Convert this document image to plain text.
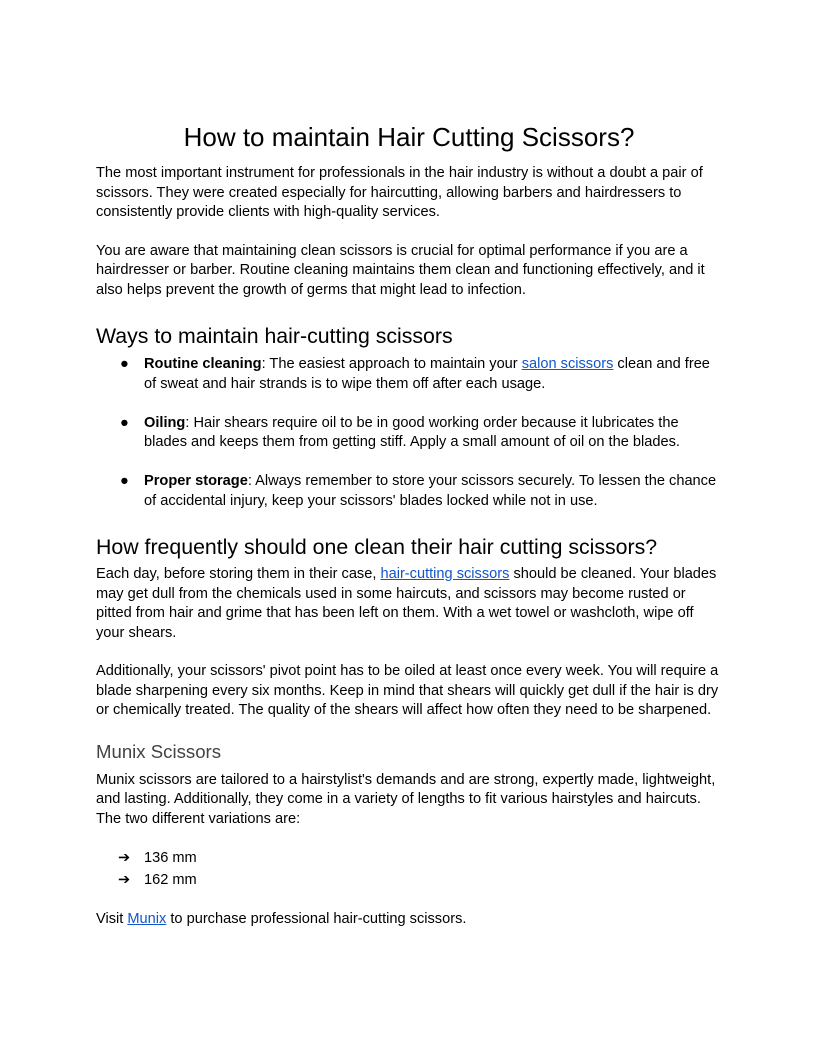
How to maintain Hair Cutting Scissors?

The most important instrument for professionals in the hair industry is without a doubt a pair of scissors. They were created especially for haircutting, allowing barbers and hairdressers to consistently provide clients with high-quality services.

You are aware that maintaining clean scissors is crucial for optimal performance if you are a hairdresser or barber. Routine cleaning maintains them clean and functioning effectively, and it also helps prevent the growth of germs that might lead to infection.

Ways to maintain hair-cutting scissors
● Routine cleaning: The easiest approach to maintain your salon scissors clean and free of sweat and hair strands is to wipe them off after each usage.
● Oiling: Hair shears require oil to be in good working order because it lubricates the blades and keeps them from getting stiff. Apply a small amount of oil on the blades.
● Proper storage: Always remember to store your scissors securely. To lessen the chance of accidental injury, keep your scissors' blades locked while not in use.
How frequently should one clean their hair cutting scissors?

Each day, before storing them in their case, hair-cutting scissors should be cleaned. Your blades may get dull from the chemicals used in some haircuts, and scissors may become rusted or pitted from hair and grime that has been left on them. With a wet towel or washcloth, wipe off your shears.

Additionally, your scissors' pivot point has to be oiled at least once every week. You will require a blade sharpening every six months. Keep in mind that shears will quickly get dull if the hair is dry or chemically treated. The quality of the shears will affect how often they need to be sharpened.

Munix Scissors

Munix scissors are tailored to a hairstylist's demands and are strong, expertly made, lightweight, and lasting. Additionally, they come in a variety of lengths to fit various hairstyles and haircuts. The two different variations are:

➔ 136 mm
➔ 162 mm

Visit Munix to purchase professional hair-cutting scissors.
